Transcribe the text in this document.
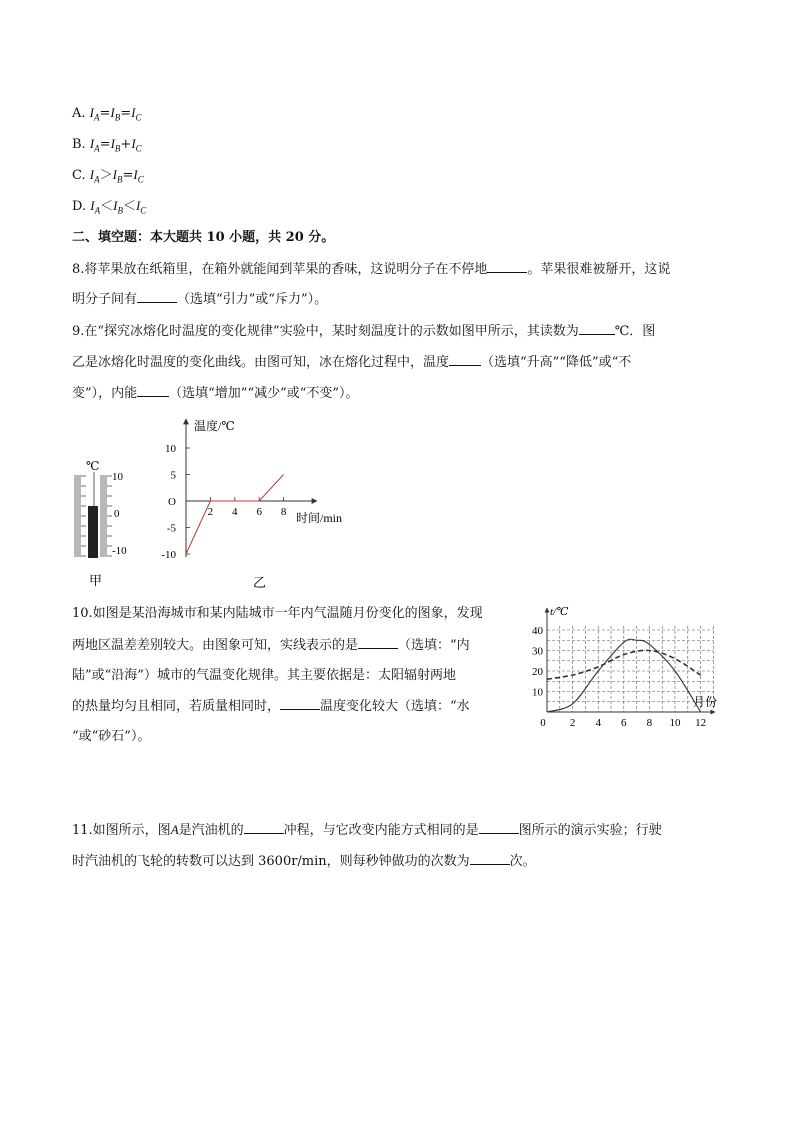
A. $I_A=I_B=I_C$
B. $I_A=I_B+I_C$
C. $I_A>I_B=I_C$
D. $I_A<I_B<I_C$
二、填空题：本大题共 10 小题，共 20 分。
8.将苹果放在纸箱里，在箱外就能闻到苹果的香味，这说明分子在不停地	。苹果很难被掰开，这说
明分子间有	（选填“引力”或“斥力”）。
9.在“探究冰熔化时温度的变化规律”实验中，某时刻温度计的示数如图甲所示，其读数为	℃．图
乙是冰熔化时温度的变化曲线。由图可知，冰在熔化过程中，温度 （选填“升高”“降低”或“不
变”），内能 （选填“增加”“减少”或“不变”）。
℃
10
0
-10
甲
温度/℃
时间/min
10
5
O
-5
-10
2 4 6 8
乙
10.如图是某沿海城市和某内陆城市一年内气温随月份变化的图象，发现
两地区温差差别较大。由图象可知，实线表示的是	（选填：“内
陆”或“沿海”）城市的气温变化规律。其主要依据是：太阳辐射两地
的热量均匀且相同，若质量相同时，	温度变化较大（选填：“水
“或“砂石”）。
t/℃
月份
40
30
20
10
0 2 4 6 8 10 12
11.如图所示，图A是汽油机的	冲程，与它改变内能方式相同的是	图所示的演示实验；行驶
时汽油机的飞轮的转数可以达到 3600r/min，则每秒钟做功的次数为	次。
